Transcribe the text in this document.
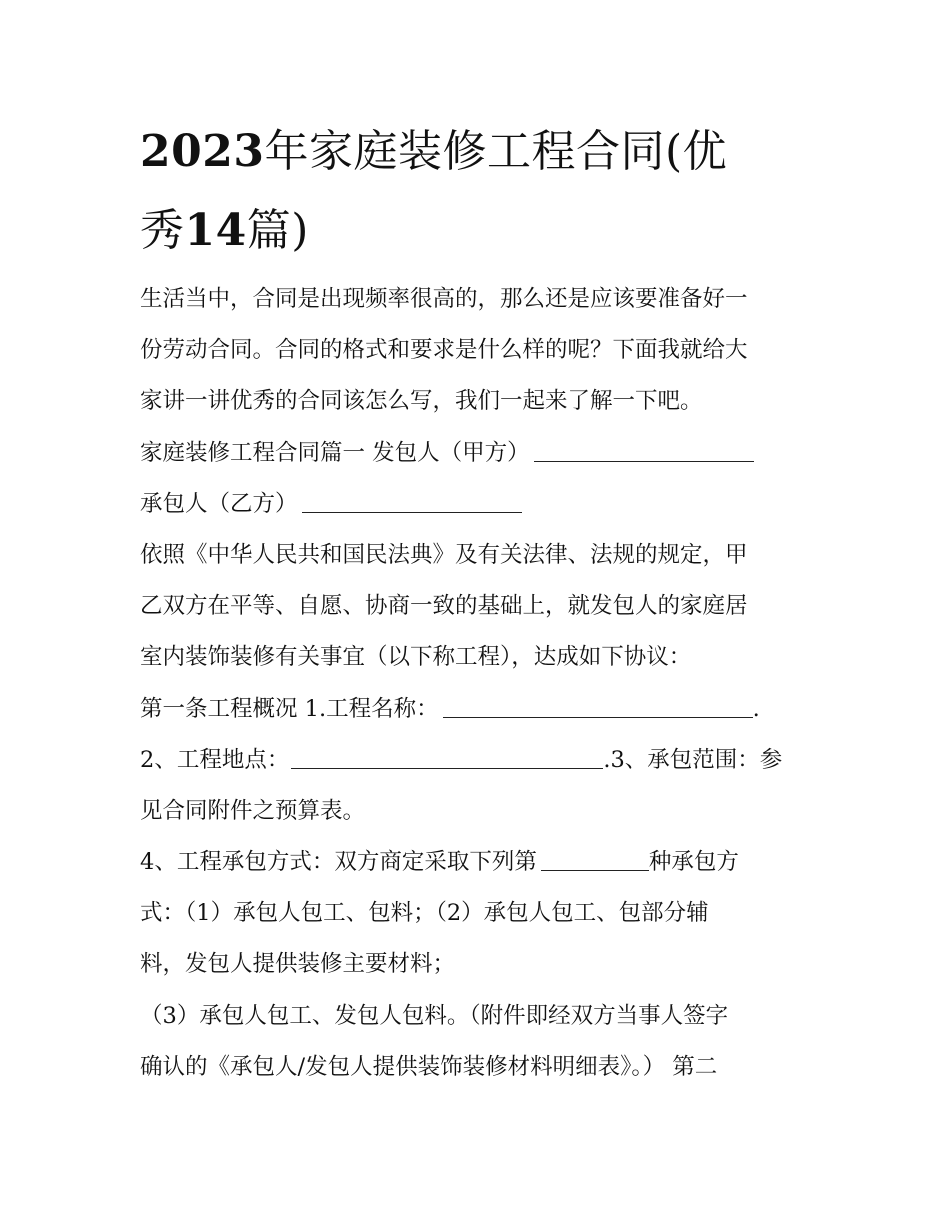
2023年家庭装修工程合同(优
秀14篇)
生活当中，合同是出现频率很高的，那么还是应该要准备好一
份劳动合同。合同的格式和要求是什么样的呢？下面我就给大
家讲一讲优秀的合同该怎么写，我们一起来了解一下吧。
家庭装修工程合同篇一 发包人（甲方）
承包人（乙方）
依照《中华人民共和国民法典》及有关法律、法规的规定，甲
乙双方在平等、自愿、协商一致的基础上，就发包人的家庭居
室内装饰装修有关事宜（以下称工程），达成如下协议：
第一条工程概况 1.工程名称：	.
2、工程地点：	.3、承包范围：参
见合同附件之预算表。
4、工程承包方式：双方商定采取下列第	种承包方
式：（1）承包人包工、包料；（2）承包人包工、包部分辅
料，发包人提供装修主要材料；
（3）承包人包工、发包人包料。（附件即经双方当事人签字
确认的《承包人/发包人提供装饰装修材料明细表》。） 第二
